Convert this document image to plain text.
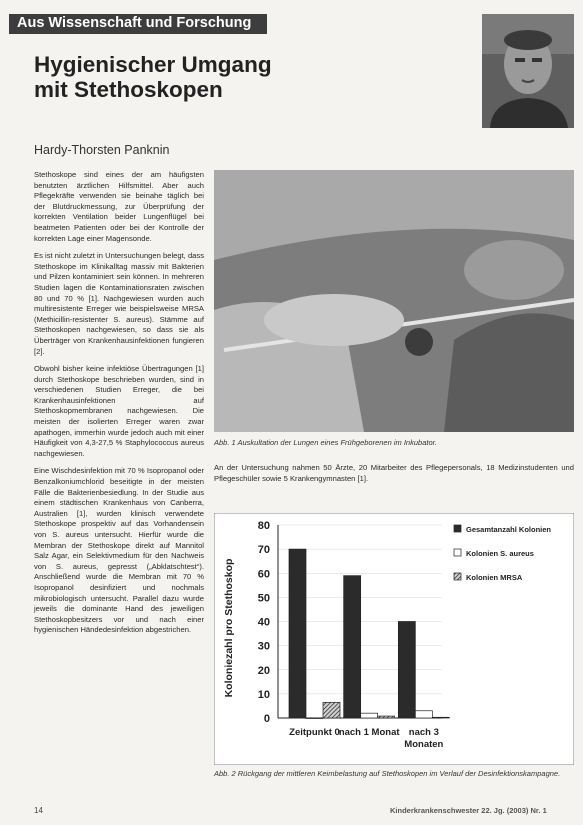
Aus Wissenschaft und Forschung
Hygienischer Umgang
mit Stethoskopen
Hardy-Thorsten Panknin

Stethoskope sind eines der am häufigsten benutzten ärztlichen Hilfsmittel. Aber auch Pflegekräfte verwenden sie beinahe täglich bei der Blutdruckmessung, zur Überprüfung der korrekten Ventilation beider Lungenflügel bei beatmeten Patienten oder bei der Kontrolle der korrekten Lage einer Magensonde.

Es ist nicht zuletzt in Untersuchungen belegt, dass Stethoskope im Klinikalltag massiv mit Bakterien und Pilzen kontaminiert sein können. In mehreren Studien lagen die Kontaminationsraten zwischen 80 und 70 % [1]. Nachgewiesen wurden auch multiresistente Erreger wie beispielsweise MRSA (Methicillin-resistenter S. aureus). Stämme auf Stethoskopen nachgewiesen, so dass sie als Überträger von Krankenhausinfektionen fungieren [2].

Obwohl bisher keine infektiöse Übertragungen [1] durch Stethoskope beschrieben wurden, sind in verschiedenen Studien Erreger, die bei Krankenhausinfektionen auf Stethoskopmembranen nachgewiesen. Die meisten der isolierten Erreger waren zwar apathogen, immerhin wurde jedoch auch mit einer Häufigkeit von 4,3-27,5 % Staphylococcus aureus nachgewiesen.

Eine Wischdesinfektion mit 70 % Isopropanol oder Benzalkoniumchlorid beseitigte in der meisten Fälle die Bakterienbesiedlung. In der Studie aus einem städtischen Krankenhaus von Canberra, Australien [1], wurden klinisch verwendete Stethoskope prospektiv auf das Vorhandensein von S. aureus untersucht. Hierfür wurde die Membran der Stethoskope direkt auf Mannitol Salz Agar, ein Selektivmedium für den Nachweis von S. aureus, gepresst („Abklatschtest“). Anschließend wurde die Membran mit 70 % Isopropanol desinfiziert und nochmals mikrobiologisch untersucht. Parallel dazu wurde jeweils die dominante Hand des jeweiligen Stethoskopbesitzers vor und nach einer hygienischen Händedesinfektion abgestrichen.

Abb. 1 Auskultation der Lungen eines Frühgeborenen im Inkubator.
An der Untersuchung nahmen 50 Ärzte, 20 Mitarbeiter des Pflegepersonals, 18 Medizinstudenten und Pflegeschüler sowie 5 Krankengymnasten [1].
Koloniezahl pro Stethoskop
0
10
20
30
40
50
60
70
80
Zeitpunkt 0
nach 1 Monat nach 3 Monaten
Gesamtanzahl Kolonien
Kolonien S. aureus
Kolonien MRSA
Abb. 2 Rückgang der mittleren Keimbelastung auf Stethoskopen im Verlauf der Desinfektionskampagne.
14	Kinderkrankenschwester 22. Jg. (2003) Nr. 1
